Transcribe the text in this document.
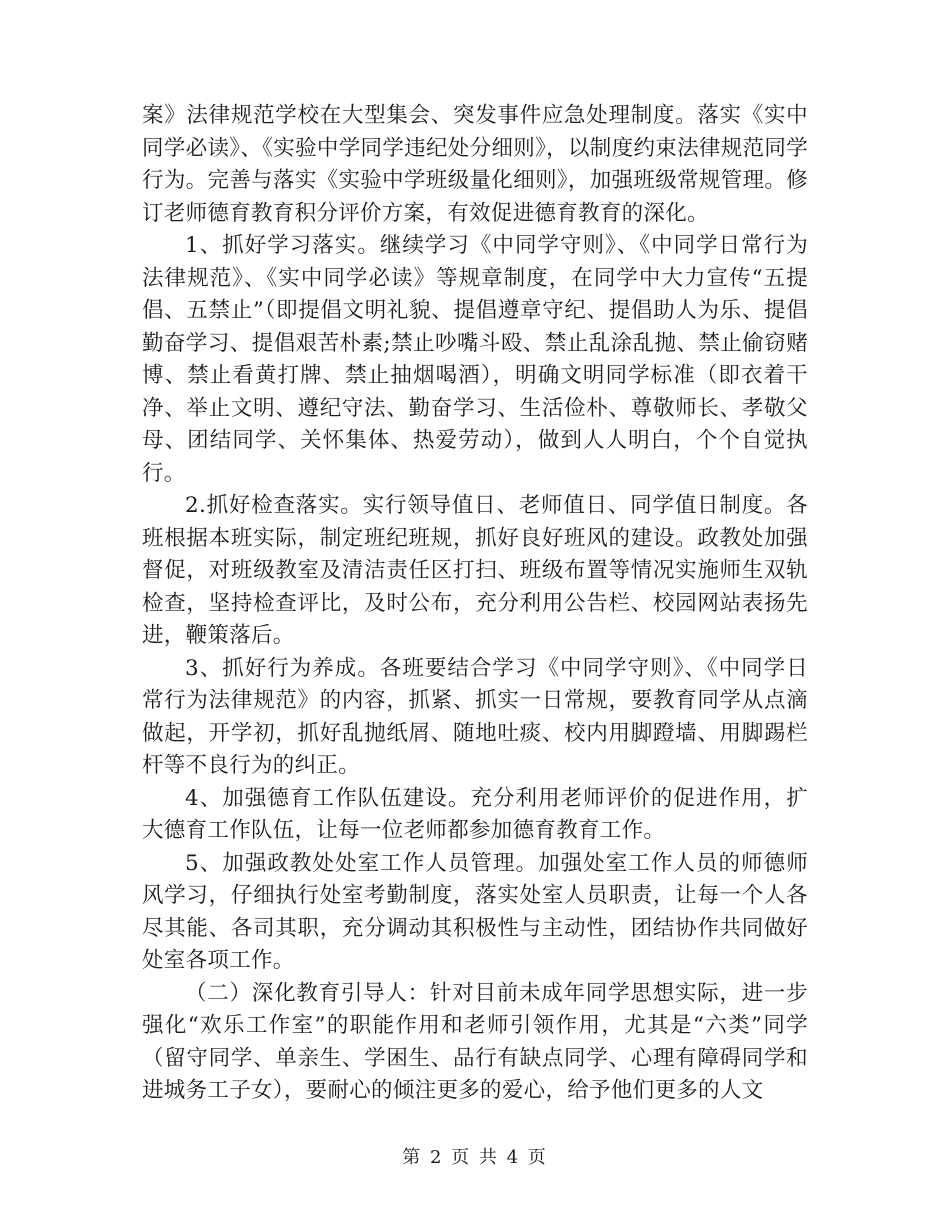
案》法律规范学校在大型集会、突发事件应急处理制度。落实《实中同学必读》、《实验中学同学违纪处分细则》，以制度约束法律规范同学行为。完善与落实《实验中学班级量化细则》，加强班级常规管理。修订老师德育教育积分评价方案，有效促进德育教育的深化。

1、抓好学习落实。继续学习《中同学守则》、《中同学日常行为法律规范》、《实中同学必读》等规章制度，在同学中大力宣传“五提倡、五禁止”（即提倡文明礼貌、提倡遵章守纪、提倡助人为乐、提倡勤奋学习、提倡艰苦朴素;禁止吵嘴斗殴、禁止乱涂乱抛、禁止偷窃赌博、禁止看黄打牌、禁止抽烟喝酒），明确文明同学标准（即衣着干净、举止文明、遵纪守法、勤奋学习、生活俭朴、尊敬师长、孝敬父母、团结同学、关怀集体、热爱劳动），做到人人明白，个个自觉执行。

2.抓好检查落实。实行领导值日、老师值日、同学值日制度。各班根据本班实际，制定班纪班规，抓好良好班风的建设。政教处加强督促，对班级教室及清洁责任区打扫、班级布置等情况实施师生双轨检查，坚持检查评比，及时公布，充分利用公告栏、校园网站表扬先进，鞭策落后。

3、抓好行为养成。各班要结合学习《中同学守则》、《中同学日常行为法律规范》的内容，抓紧、抓实一日常规，要教育同学从点滴做起，开学初，抓好乱抛纸屑、随地吐痰、校内用脚蹬墙、用脚踢栏杆等不良行为的纠正。

4、加强德育工作队伍建设。充分利用老师评价的促进作用，扩大德育工作队伍，让每一位老师都参加德育教育工作。

5、加强政教处处室工作人员管理。加强处室工作人员的师德师风学习，仔细执行处室考勤制度，落实处室人员职责，让每一个人各尽其能、各司其职，充分调动其积极性与主动性，团结协作共同做好处室各项工作。

（二）深化教育引导人：针对目前未成年同学思想实际，进一步强化“欢乐工作室”的职能作用和老师引领作用，尤其是“六类”同学（留守同学、单亲生、学困生、品行有缺点同学、心理有障碍同学和进城务工子女），要耐心的倾注更多的爱心，给予他们更多的人文

第 2 页 共 4 页
